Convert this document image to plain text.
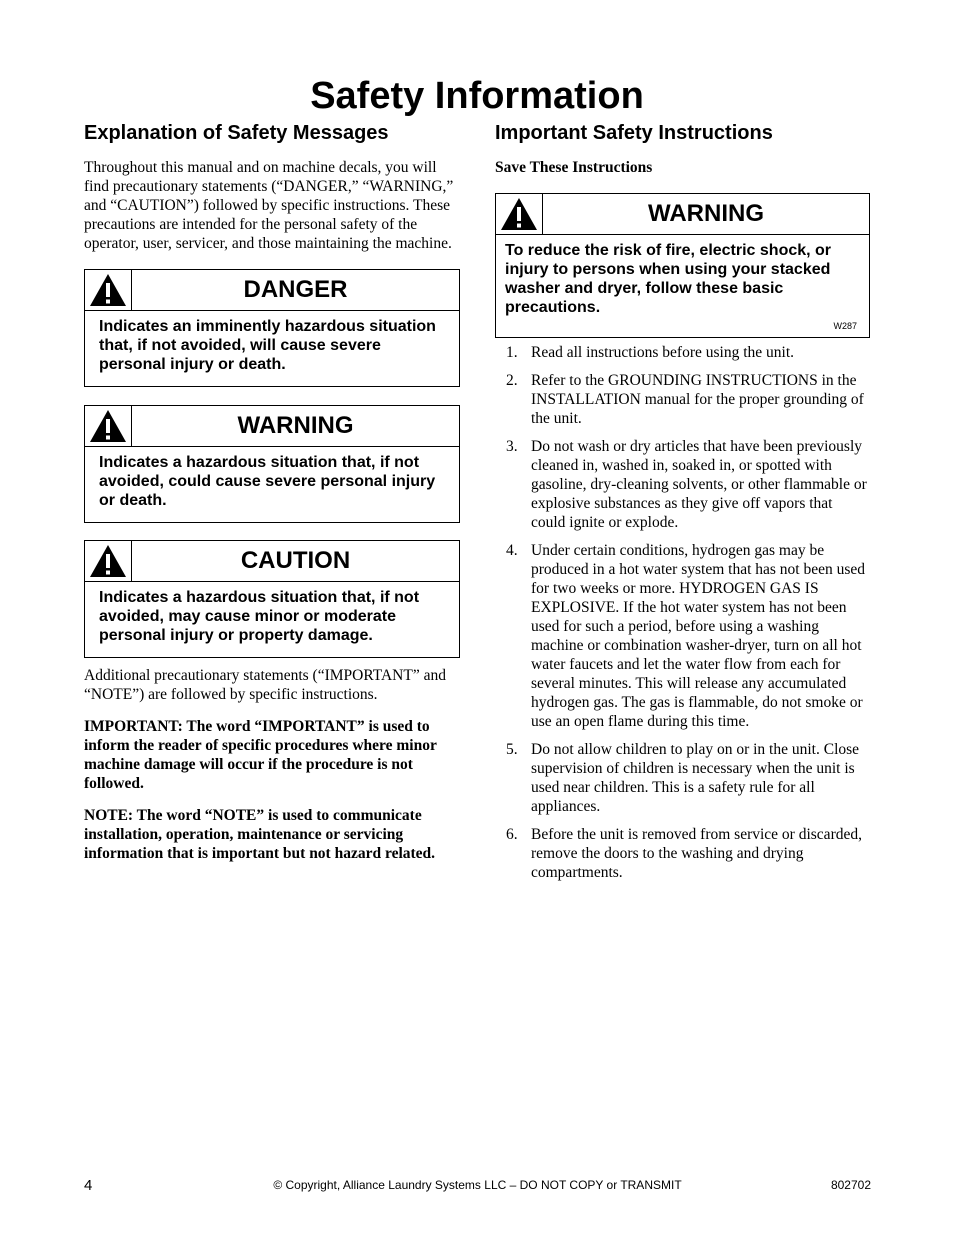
Safety Information
Explanation of Safety Messages

Throughout this manual and on machine decals, you will find precautionary statements (“DANGER,” “WARNING,” and “CAUTION”) followed by specific instructions. These precautions are intended for the personal safety of the operator, user, servicer, and those maintaining the machine.

DANGER
Indicates an imminently hazardous situation that, if not avoided, will cause severe personal injury or death.
WARNING
Indicates a hazardous situation that, if not avoided, could cause severe personal injury or death.
CAUTION
Indicates a hazardous situation that, if not avoided, may cause minor or moderate personal injury or property damage.

Additional precautionary statements (“IMPORTANT” and “NOTE”) are followed by specific instructions.

IMPORTANT: The word “IMPORTANT” is used to inform the reader of specific procedures where minor machine damage will occur if the procedure is not followed.

NOTE: The word “NOTE” is used to communicate installation, operation, maintenance or servicing information that is important but not hazard related.

Important Safety Instructions

Save These Instructions

WARNING
To reduce the risk of fire, electric shock, or injury to persons when using your stacked washer and dryer, follow these basic precautions.
W287
1. Read all instructions before using the unit.
2. Refer to the GROUNDING INSTRUCTIONS in the INSTALLATION manual for the proper grounding of the unit.
3. Do not wash or dry articles that have been previously cleaned in, washed in, soaked in, or spotted with gasoline, dry-cleaning solvents, or other flammable or explosive substances as they give off vapors that could ignite or explode.
4. Under certain conditions, hydrogen gas may be produced in a hot water system that has not been used for two weeks or more. HYDROGEN GAS IS EXPLOSIVE. If the hot water system has not been used for such a period, before using a washing machine or combination washer-dryer, turn on all hot water faucets and let the water flow from each for several minutes. This will release any accumulated hydrogen gas. The gas is flammable, do not smoke or use an open flame during this time.
5. Do not allow children to play on or in the unit. Close supervision of children is necessary when the unit is used near children. This is a safety rule for all appliances.
6. Before the unit is removed from service or discarded, remove the doors to the washing and drying compartments.
© Copyright, Alliance Laundry Systems LLC – DO NOT COPY or TRANSMIT
4	802702
